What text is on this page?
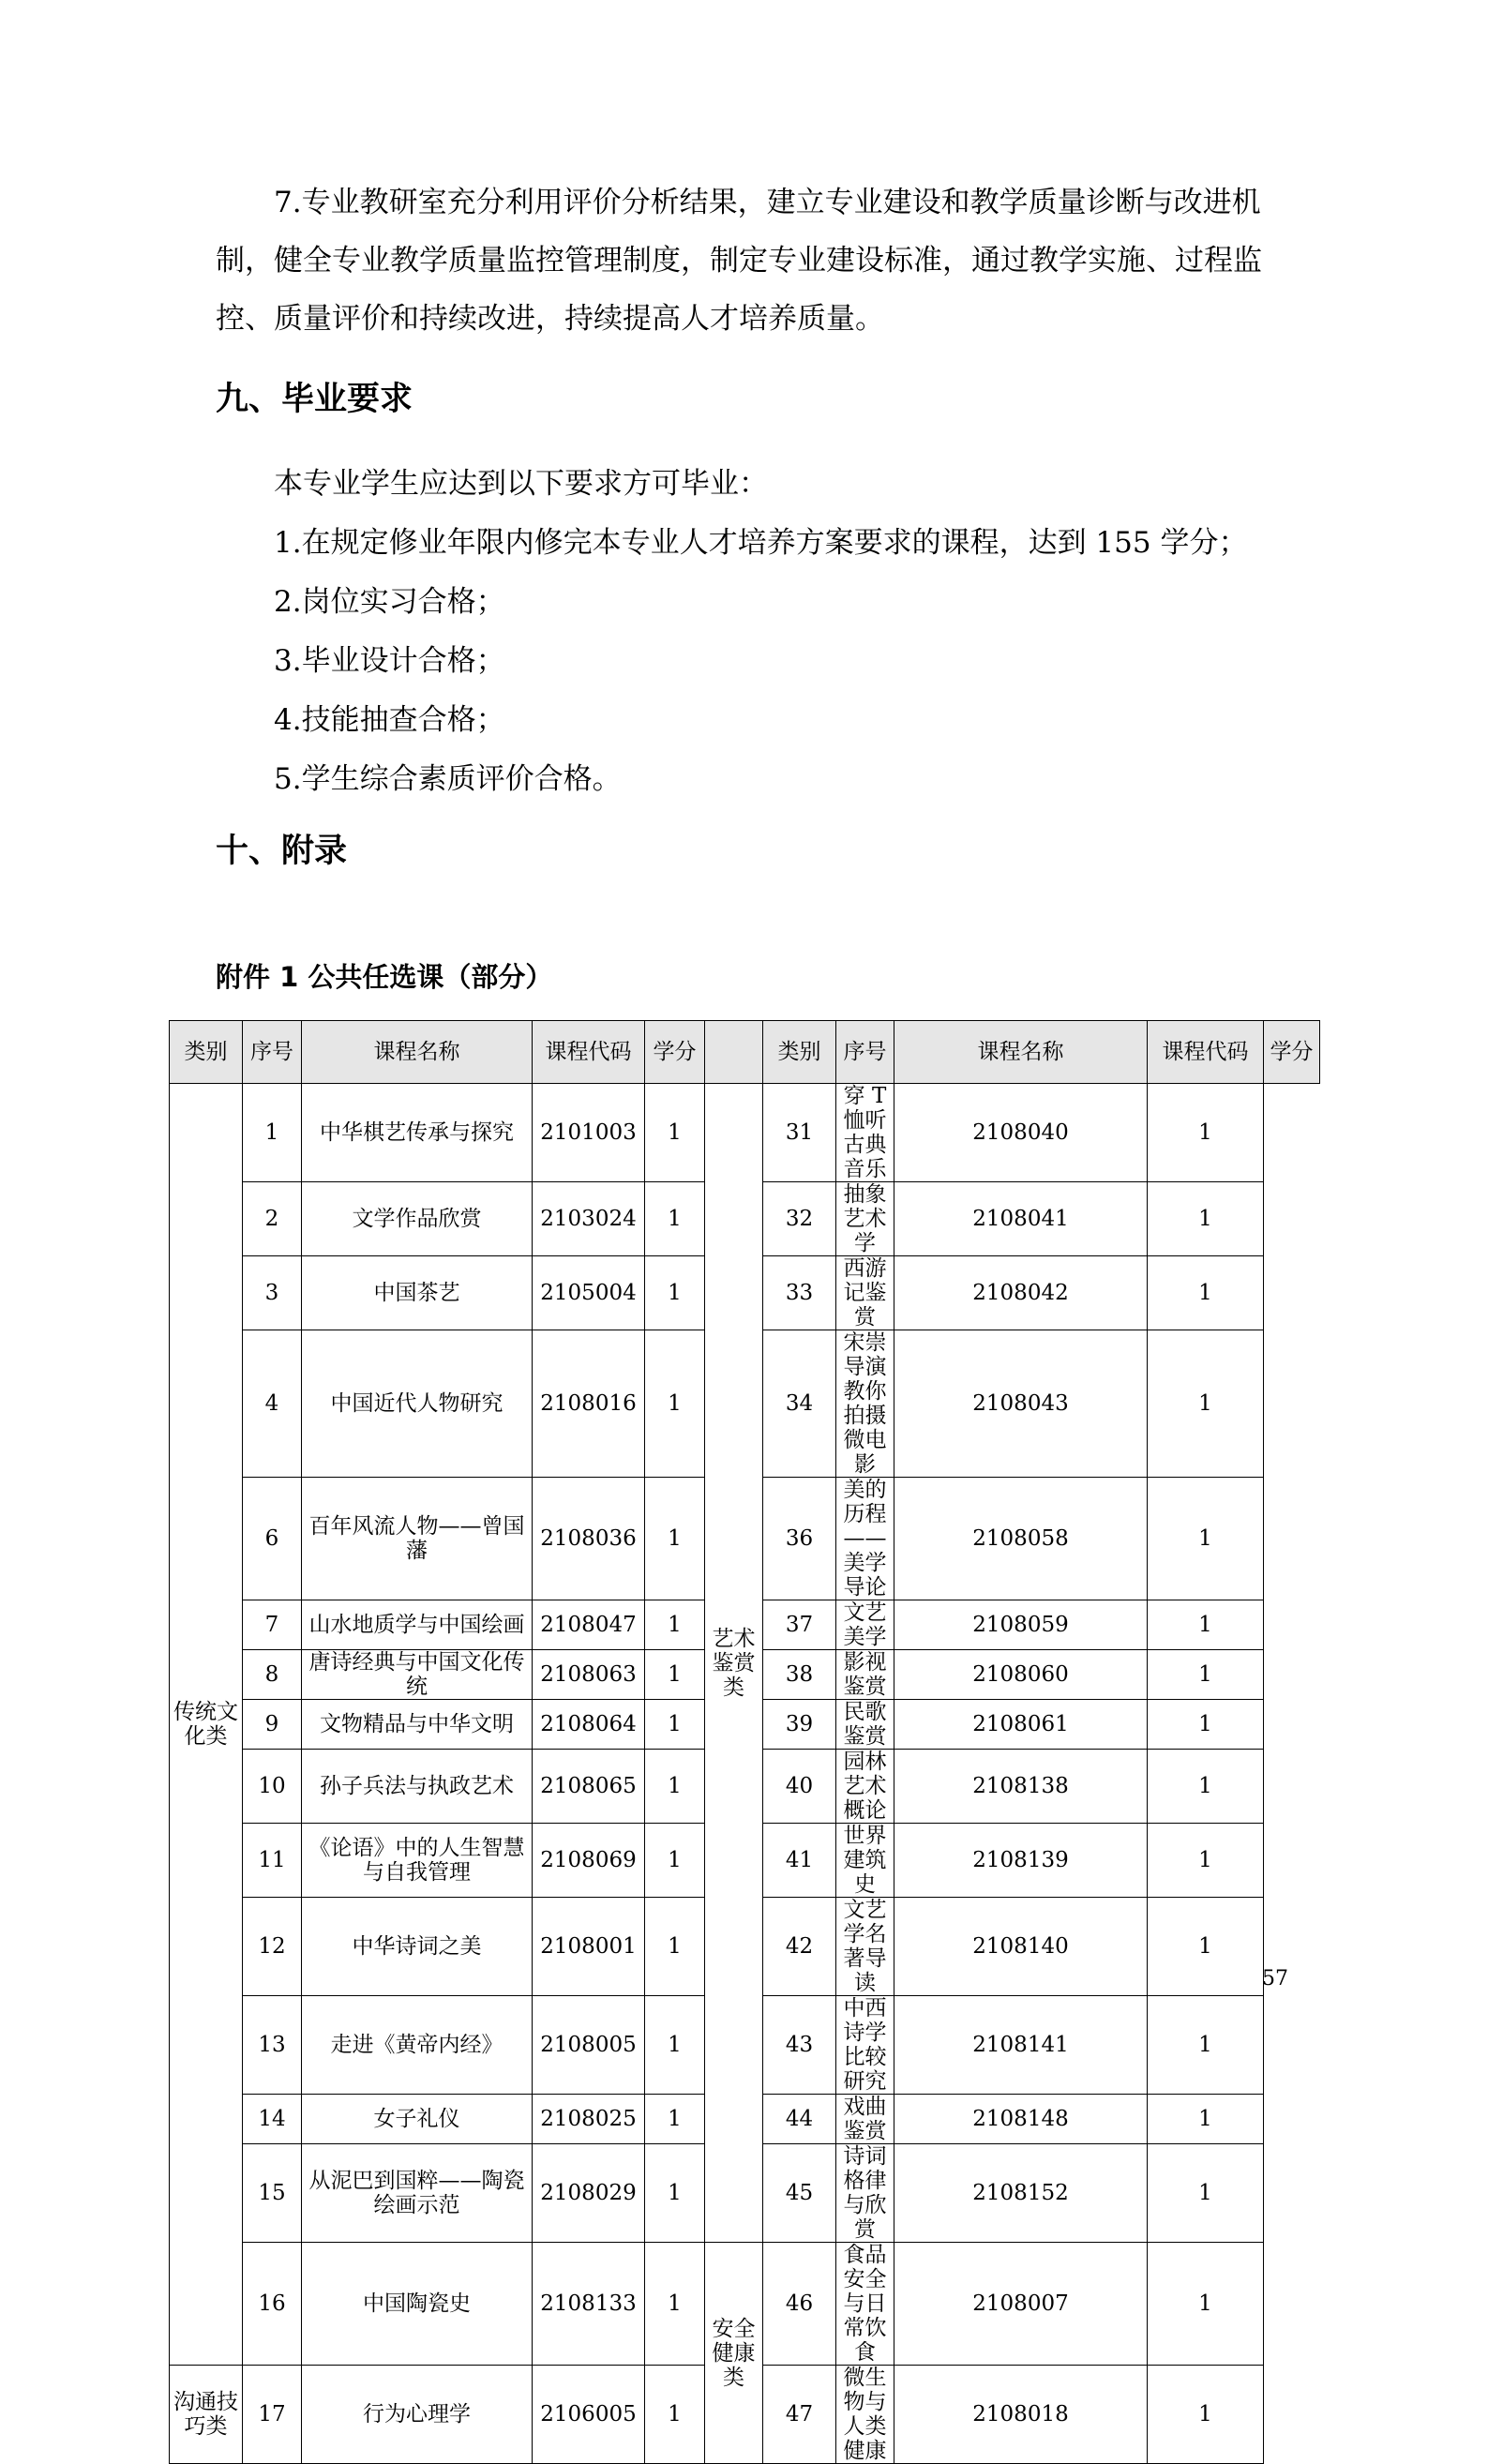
7.专业教研室充分利用评价分析结果，建立专业建设和教学质量诊断与改进机制，健全专业教学质量监控管理制度，制定专业建设标准，通过教学实施、过程监控、质量评价和持续改进，持续提高人才培养质量。

九、毕业要求
本专业学生应达到以下要求方可毕业：
1.在规定修业年限内修完本专业人才培养方案要求的课程，达到 155 学分；
2.岗位实习合格；
3.毕业设计合格；
4.技能抽查合格；
5.学生综合素质评价合格。
十、附录
附件 1 公共任选课（部分）
类别	序号	课程名称	课程代码	学分		类别	序号	课程名称	课程代码	学分
传统文化类	1	中华棋艺传承与探究	2101003	1	艺术鉴赏类	31	穿 T 恤听古典音乐	2108040	1	
	2	文学作品欣赏	2103024	1		32	抽象艺术学	2108041	1	
	3	中国茶艺	2105004	1		33	西游记鉴赏	2108042	1	
	4	中国近代人物研究	2108016	1		34	宋崇导演教你拍摄微电影	2108043	1	
	6	百年风流人物——曾国藩	2108036	1		36	美的历程——美学导论	2108058	1	
	7	山水地质学与中国绘画	2108047	1		37	文艺美学	2108059	1	
	8	唐诗经典与中国文化传统	2108063	1		38	影视鉴赏	2108060	1	
	9	文物精品与中华文明	2108064	1		39	民歌鉴赏	2108061	1	
	10	孙子兵法与执政艺术	2108065	1		40	园林艺术概论	2108138	1	
	11	《论语》中的人生智慧与自我管理	2108069	1		41	世界建筑史	2108139	1	
	12	中华诗词之美	2108001	1		42	文艺学名著导读	2108140	1	
	13	走进《黄帝内经》	2108005	1		43	中西诗学比较研究	2108141	1	
	14	女子礼仪	2108025	1		44	戏曲鉴赏	2108148	1	
	15	从泥巴到国粹——陶瓷绘画示范	2108029	1		45	诗词格律与欣赏	2108152	1	
	16	中国陶瓷史	2108133	1	安全健康类	46	食品安全与日常饮食	2108007	1	
沟通技巧类	17	行为心理学	2106005	1		47	微生物与人类健康	2108018	1	
57
